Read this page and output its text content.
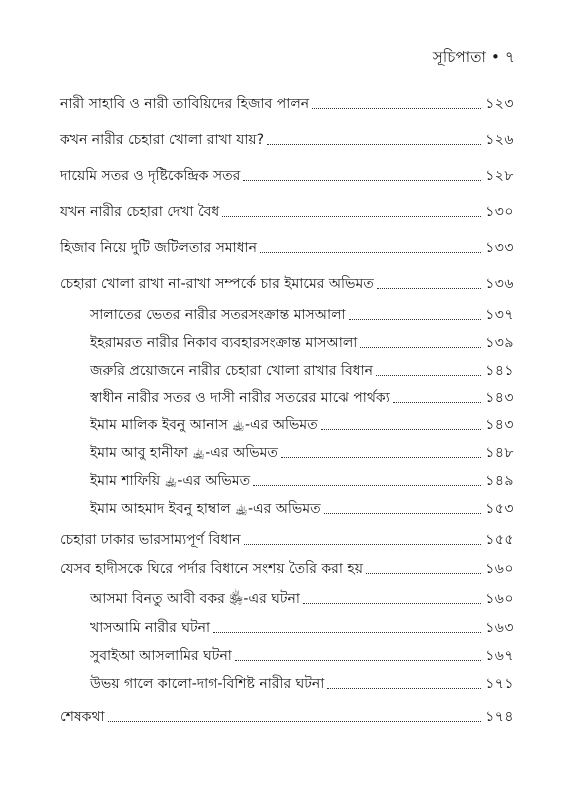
সূচিপাতা • ৭
নারী সাহাবি ও নারী তাবিয়িদের হিজাব পালন	১২৩
কখন নারীর চেহারা খোলা রাখা যায়?	১২৬
দায়েমি সতর ও দৃষ্টিকেন্দ্রিক সতর	১২৮
যখন নারীর চেহারা দেখা বৈধ	১৩০
হিজাব নিয়ে দুটি জটিলতার সমাধান	১৩৩
চেহারা খোলা রাখা না-রাখা সম্পর্কে চার ইমামের অভিমত	১৩৬
সালাতের ভেতর নারীর সতরসংক্রান্ত মাসআলা	১৩৭
ইহরামরত নারীর নিকাব ব্যবহারসংক্রান্ত মাসআলা	১৩৯
জরুরি প্রয়োজনে নারীর চেহারা খোলা রাখার বিধান	১৪১
স্বাধীন নারীর সতর ও দাসী নারীর সতরের মাঝে পার্থক্য	১৪৩
ইমাম মালিক ইবনু আনাস ﵀-এর অভিমত	১৪৩
ইমাম আবু হানীফা ﵀-এর অভিমত	১৪৮
ইমাম শাফিয়ি ﵀-এর অভিমত	১৪৯
ইমাম আহমাদ ইবনু হাম্বাল ﵀-এর অভিমত	১৫৩
চেহারা ঢাকার ভারসাম্যপূর্ণ বিধান	১৫৫
যেসব হাদীসকে ঘিরে পর্দার বিধানে সংশয় তৈরি করা হয়	১৬০
আসমা বিনতু আবী বকর ﵂-এর ঘটনা	১৬০
খাসআমি নারীর ঘটনা	১৬৩
সুবাইআ আসলামির ঘটনা	১৬৭
উভয় গালে কালো-দাগ-বিশিষ্ট নারীর ঘটনা	১৭১
শেষকথা	১৭৪
